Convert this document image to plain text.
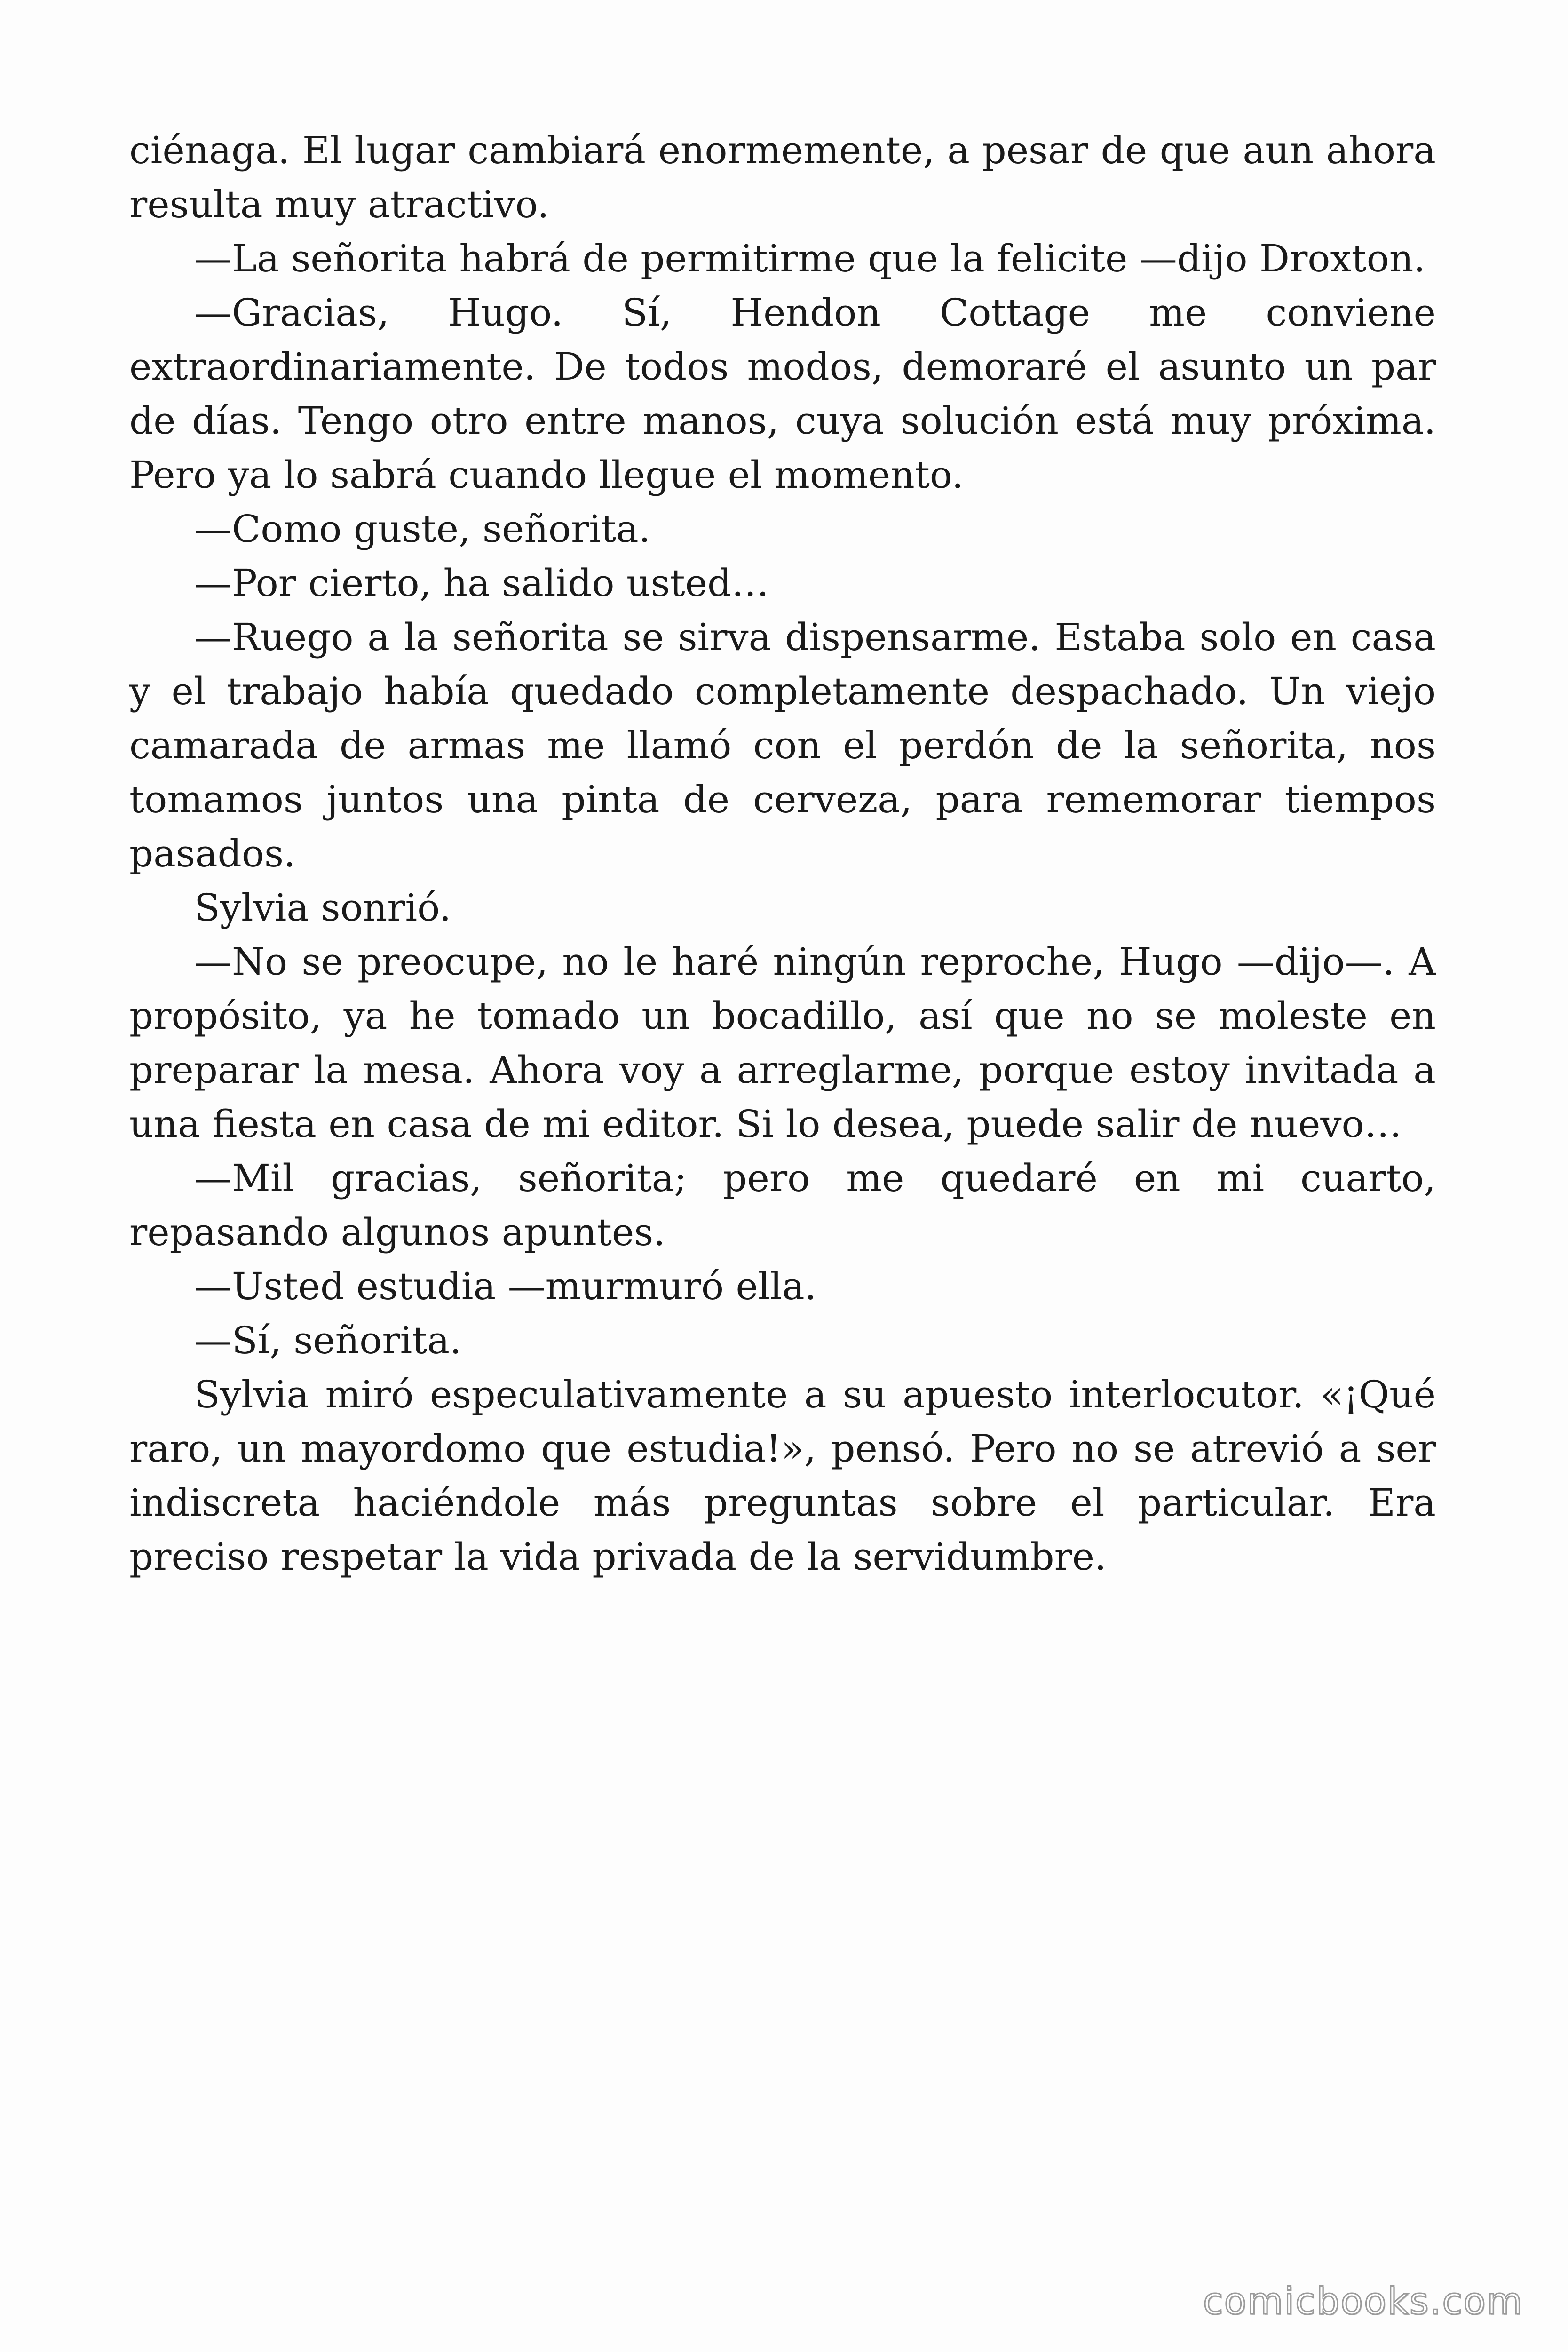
ciénaga. El lugar cambiará enormemente, a pesar de que aun ahora resulta muy atractivo.

—La señorita habrá de permitirme que la felicite —dijo Droxton.

—Gracias, Hugo. Sí, Hendon Cottage me conviene extraordinariamente. De todos modos, demoraré el asunto un par de días. Tengo otro entre manos, cuya solución está muy próxima. Pero ya lo sabrá cuando llegue el momento.

—Como guste, señorita.

—Por cierto, ha salido usted…

—Ruego a la señorita se sirva dispensarme. Estaba solo en casa y el trabajo había quedado completamente despachado. Un viejo camarada de armas me llamó con el perdón de la señorita, nos tomamos juntos una pinta de cerveza, para rememorar tiempos pasados.

Sylvia sonrió.

—No se preocupe, no le haré ningún reproche, Hugo —dijo—. A propósito, ya he tomado un bocadillo, así que no se moleste en preparar la mesa. Ahora voy a arreglarme, porque estoy invitada a una fiesta en casa de mi editor. Si lo desea, puede salir de nuevo…

—Mil gracias, señorita; pero me quedaré en mi cuarto, repasando algunos apuntes.

—Usted estudia —murmuró ella.

—Sí, señorita.

Sylvia miró especulativamente a su apuesto interlocutor. «¡Qué raro, un mayordomo que estudia!», pensó. Pero no se atrevió a ser indiscreta haciéndole más preguntas sobre el particular. Era preciso respetar la vida privada de la servidumbre.

comicbooks.com
